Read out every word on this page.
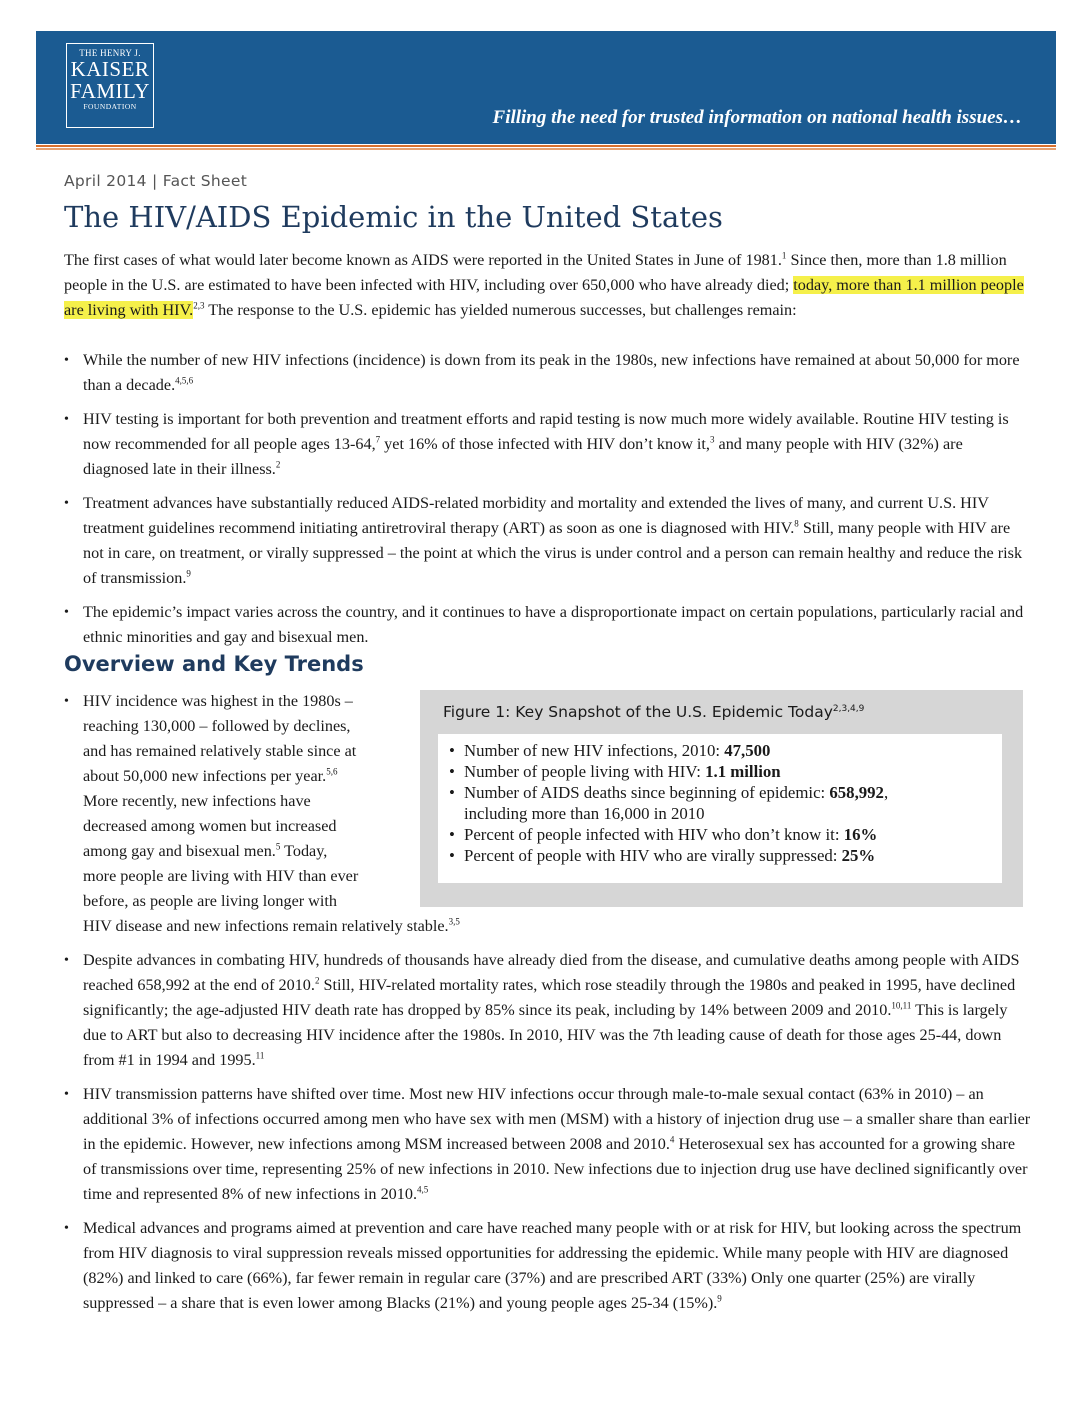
THE HENRY J.
KAISER
FAMILY
FOUNDATION
Filling the need for trusted information on national health issues…
April 2014 | Fact Sheet
The HIV/AIDS Epidemic in the United States
The first cases of what would later become known as AIDS were reported in the United States in June of 1981.$^1$ Since then, more than 1.8 million people in the U.S. are estimated to have been infected with HIV, including over 650,000 who have already died; today, more than 1.1 million people are living with HIV.$^{2,3}$ The response to the U.S. epidemic has yielded numerous successes, but challenges remain:
• While the number of new HIV infections (incidence) is down from its peak in the 1980s, new infections have remained at about 50,000 for more than a decade.$^{4,5,6}$
• HIV testing is important for both prevention and treatment efforts and rapid testing is now much more widely available. Routine HIV testing is now recommended for all people ages 13-64,$^7$ yet 16% of those infected with HIV don’t know it,$^3$ and many people with HIV (32%) are diagnosed late in their illness.$^2$
• Treatment advances have substantially reduced AIDS-related morbidity and mortality and extended the lives of many, and current U.S. HIV treatment guidelines recommend initiating antiretroviral therapy (ART) as soon as one is diagnosed with HIV.$^8$ Still, many people with HIV are not in care, on treatment, or virally suppressed – the point at which the virus is under control and a person can remain healthy and reduce the risk of transmission.$^9$
• The epidemic’s impact varies across the country, and it continues to have a disproportionate impact on certain populations, particularly racial and ethnic minorities and gay and bisexual men.
Overview and Key Trends
• HIV incidence was highest in the 1980s –
reaching 130,000 – followed by declines,
and has remained relatively stable since at
about 50,000 new infections per year.$^{5,6}$
More recently, new infections have
decreased among women but increased
among gay and bisexual men.$^5$ Today,
more people are living with HIV than ever
before, as people are living longer with
HIV disease and new infections remain relatively stable.$^{3,5}$
Figure 1: Key Snapshot of the U.S. Epidemic Today$^{2,3,4,9}$
• Number of new HIV infections, 2010: 47,500
• Number of people living with HIV: 1.1 million
• Number of AIDS deaths since beginning of epidemic: 658,992,
including more than 16,000 in 2010
• Percent of people infected with HIV who don’t know it: 16%
• Percent of people with HIV who are virally suppressed: 25%
• Despite advances in combating HIV, hundreds of thousands have already died from the disease, and cumulative deaths among people with AIDS reached 658,992 at the end of 2010.$^2$ Still, HIV-related mortality rates, which rose steadily through the 1980s and peaked in 1995, have declined significantly; the age-adjusted HIV death rate has dropped by 85% since its peak, including by 14% between 2009 and 2010.$^{10,11}$ This is largely due to ART but also to decreasing HIV incidence after the 1980s. In 2010, HIV was the 7th leading cause of death for those ages 25-44, down from #1 in 1994 and 1995.11
• HIV transmission patterns have shifted over time. Most new HIV infections occur through male-to-male sexual contact (63% in 2010) – an additional 3% of infections occurred among men who have sex with men (MSM) with a history of injection drug use – a smaller share than earlier in the epidemic. However, new infections among MSM increased between 2008 and 2010.$^4$ Heterosexual sex has accounted for a growing share of transmissions over time, representing 25% of new infections in 2010. New infections due to injection drug use have declined significantly over time and represented 8% of new infections in 2010.$^{4,5}$
• Medical advances and programs aimed at prevention and care have reached many people with or at risk for HIV, but looking across the spectrum from HIV diagnosis to viral suppression reveals missed opportunities for addressing the epidemic. While many people with HIV are diagnosed (82%) and linked to care (66%), far fewer remain in regular care (37%) and are prescribed ART (33%) Only one quarter (25%) are virally suppressed – a share that is even lower among Blacks (21%) and young people ages 25-34 (15%).$^9$
